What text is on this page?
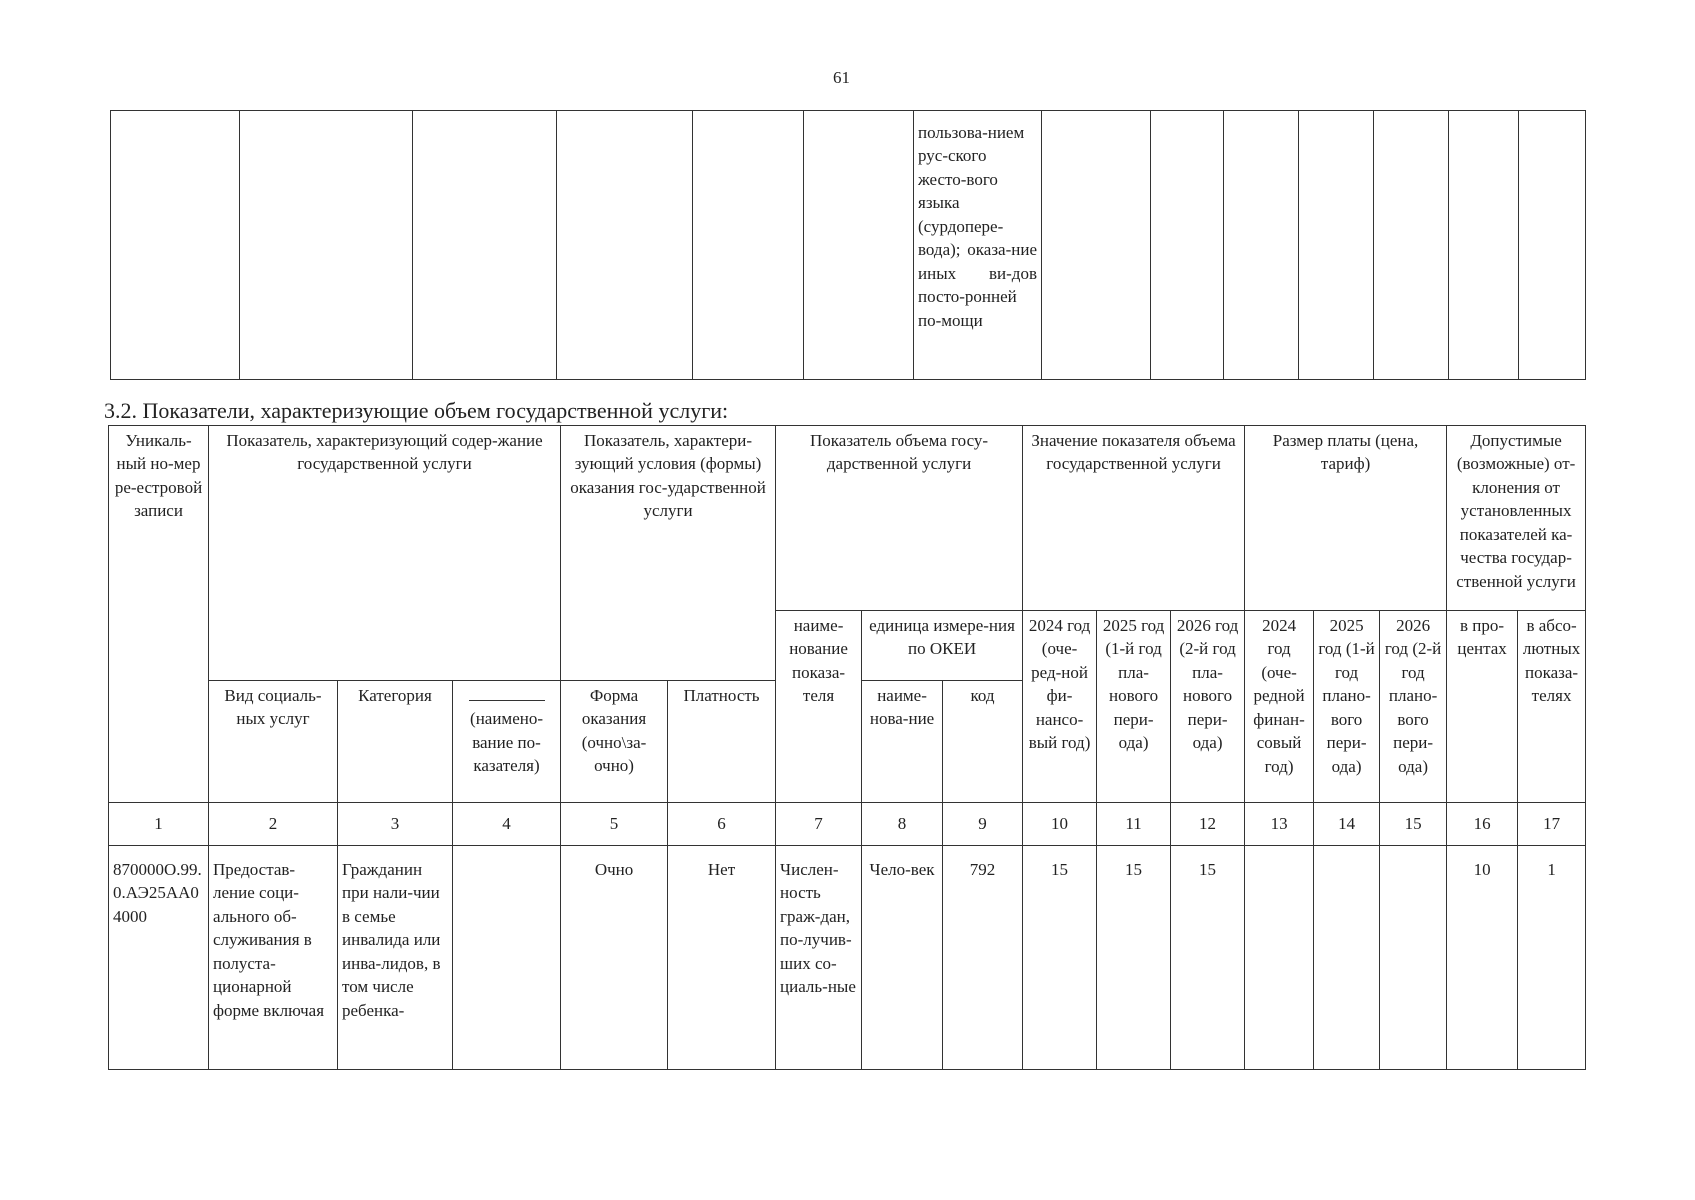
61
						пользова-нием рус-ского жесто-вого языка (сурдопере-вода); оказа-ние иных ви-дов посто-ронней по-мощи							
3.2. Показатели, характеризующие объем государственной услуги:
Уникаль-ный но-мер ре-естровой записи	Показатель, характеризующий содер-жание государственной услуги			Показатель, характери-зующий условия (формы) оказания гос-ударственной услуги		Показатель объема госу-дарственной услуги			Значение показателя объема государственной услуги			Размер платы (цена, тариф)			Допустимые (возможные) от-клонения от установленных показателей ка-чества государ-ственной услуги	
						наиме-нование показа-теля	единица измере-ния по ОКЕИ		2024 год (оче-ред-ной фи-нансо-вый год)	2025 год (1-й год пла-нового пери-ода)	2026 год (2-й год пла-нового пери-ода)	2024 год (оче-редной финан-совый год)	2025 год (1-й год плано-вого пери-ода)	2026 год (2-й год плано-вого пери-ода)	в про-центах	в абсо-лютных показа-телях
	Вид социаль-ных услуг	Категория	(наимено-вание по-казателя)	Форма оказания (очно\за-очно)	Платность		наиме-нова-ние	код								
1	2	3	4	5	6	7	8	9	10	11	12	13	14	15	16	17
870000О.99.0.АЭ25АА04000	Предостав-ление соци-ального об-служивания в полуста-ционарной форме включая	Гражданин при нали-чии в семье инвалида или инва-лидов, в том числе ребенка-		Очно	Нет	Числен-ность граж-дан, по-лучив-ших со-циаль-ные	Чело-век	792	15	15	15				10	1
